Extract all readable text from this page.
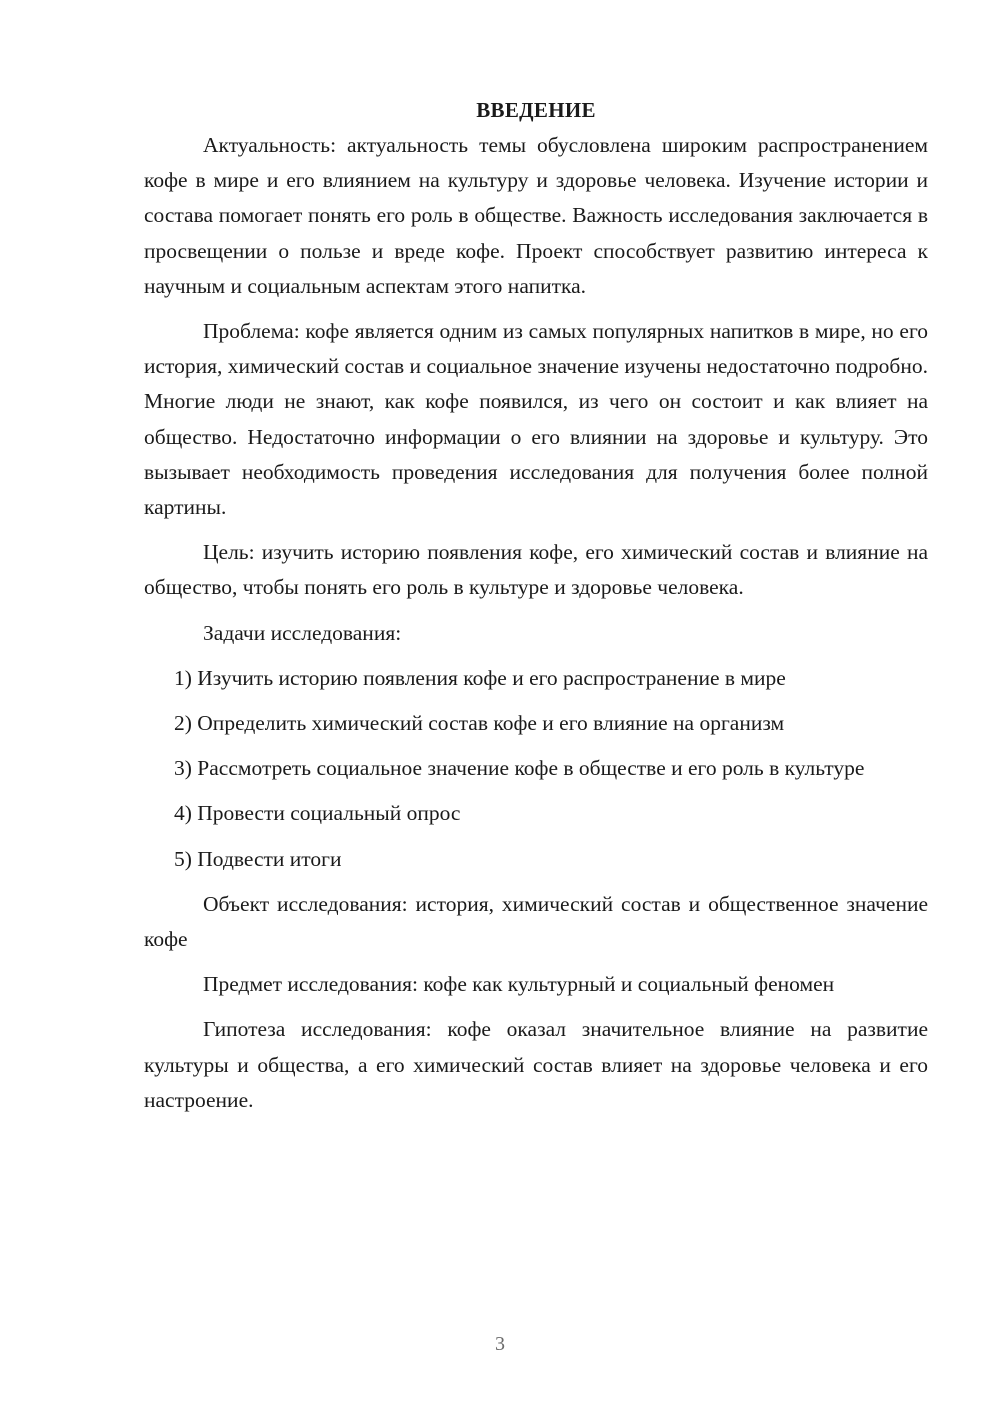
ВВЕДЕНИЕ

Актуальность: актуальность темы обусловлена широким распространением кофе в мире и его влиянием на культуру и здоровье человека. Изучение истории и состава помогает понять его роль в обществе. Важность исследования заключается в просвещении о пользе и вреде кофе. Проект способствует развитию интереса к научным и социальным аспектам этого напитка.

Проблема: кофе является одним из самых популярных напитков в мире, но его история, химический состав и социальное значение изучены недостаточно подробно. Многие люди не знают, как кофе появился, из чего он состоит и как влияет на общество. Недостаточно информации о его влиянии на здоровье и культуру. Это вызывает необходимость проведения исследования для получения более полной картины.

Цель: изучить историю появления кофе, его химический состав и влияние на общество, чтобы понять его роль в культуре и здоровье человека.

Задачи исследования:

1) Изучить историю появления кофе и его распространение в мире

2) Определить химический состав кофе и его влияние на организм

3) Рассмотреть социальное значение кофе в обществе и его роль в культуре

4) Провести социальный опрос

5) Подвести итоги

Объект исследования: история, химический состав и общественное значение кофе

Предмет исследования: кофе как культурный и социальный феномен

Гипотеза исследования: кофе оказал значительное влияние на развитие культуры и общества, а его химический состав влияет на здоровье человека и его настроение.

3
